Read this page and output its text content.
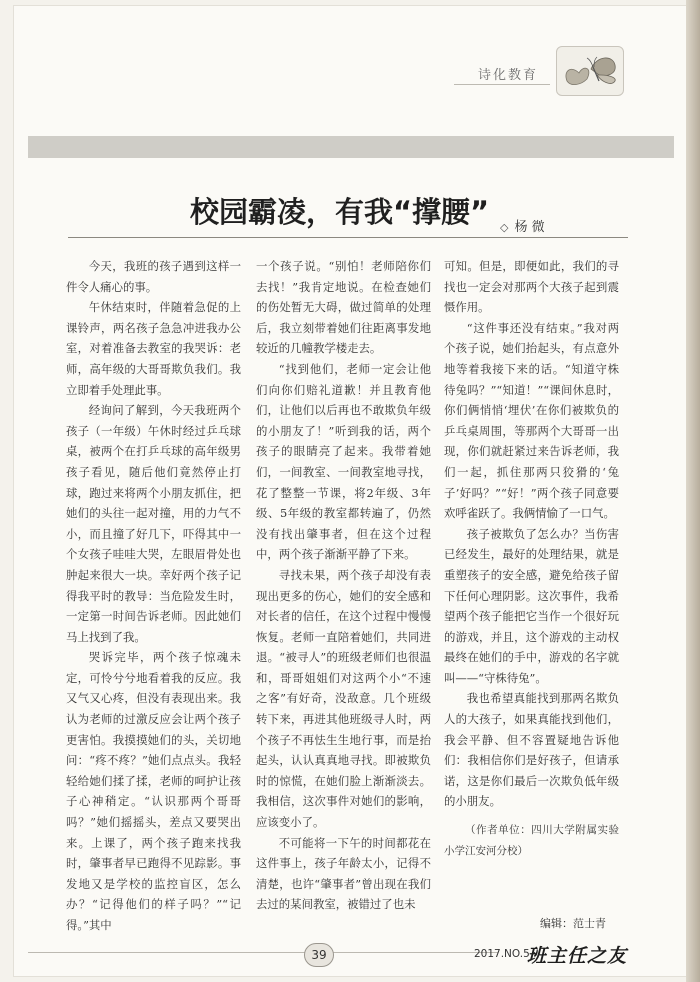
诗化教育
校园霸凌，有我“撑腰” ◇ 杨 微

今天，我班的孩子遇到这样一件令人痛心的事。

午休结束时，伴随着急促的上课铃声，两名孩子急急冲进我办公室，对着准备去教室的我哭诉：老师，高年级的大哥哥欺负我们。我立即着手处理此事。

经询问了解到，今天我班两个孩子（一年级）午休时经过乒乓球桌，被两个在打乒乓球的高年级男孩子看见，随后他们竟然停止打球，跑过来将两个小朋友抓住，把她们的头往一起对撞，用的力气不小，而且撞了好几下，吓得其中一个女孩子哇哇大哭，左眼眉骨处也肿起来很大一块。幸好两个孩子记得我平时的教导：当危险发生时，一定第一时间告诉老师。因此她们马上找到了我。

哭诉完毕，两个孩子惊魂未定，可怜兮兮地看着我的反应。我又气又心疼，但没有表现出来。我认为老师的过激反应会让两个孩子更害怕。我摸摸她们的头，关切地问：“疼不疼？”她们点点头。我轻轻给她们揉了揉，老师的呵护让孩子心神稍定。“认识那两个哥哥吗？”她们摇摇头，差点又要哭出来。上课了，两个孩子跑来找我时，肇事者早已跑得不见踪影。事发地又是学校的监控盲区，怎么办？“记得他们的样子吗？”“记得。”其中

一个孩子说。“别怕！老师陪你们去找！”我肯定地说。在检查她们的伤处暂无大碍，做过简单的处理后，我立刻带着她们往距离事发地较近的几幢教学楼走去。

“找到他们，老师一定会让他们向你们赔礼道歉！并且教育他们，让他们以后再也不敢欺负年级的小朋友了！”听到我的话，两个孩子的眼睛亮了起来。我带着她们，一间教室、一间教室地寻找，花了整整一节课，将2年级、3年级、5年级的教室都转遍了，仍然没有找出肇事者，但在这个过程中，两个孩子渐渐平静了下来。

寻找未果，两个孩子却没有表现出更多的伤心，她们的安全感和对长者的信任，在这个过程中慢慢恢复。老师一直陪着她们，共同进退。“被寻人”的班级老师们也很温和，哥哥姐姐们对这两个小“不速之客”有好奇，没敌意。几个班级转下来，再进其他班级寻人时，两个孩子不再怯生生地行事，而是抬起头，认认真真地寻找。即被欺负时的惊慌，在她们脸上渐渐淡去。我相信，这次事件对她们的影响，应该变小了。

不可能将一下午的时间都花在这件事上，孩子年龄太小，记得不清楚，也许“肇事者”曾出现在我们去过的某间教室，被错过了也未

可知。但是，即便如此，我们的寻找也一定会对那两个大孩子起到震慑作用。

“这件事还没有结束。”我对两个孩子说，她们抬起头，有点意外地等着我接下来的话。“知道守株待兔吗？”“知道！”“课间休息时，你们俩悄悄‘埋伏’在你们被欺负的乒乓桌周围，等那两个大哥哥一出现，你们就赶紧过来告诉老师，我们一起，抓住那两只狡猾的‘兔子’好吗？”“好！”两个孩子同意要欢呼雀跃了。我俩情愉了一口气。

孩子被欺负了怎么办？当伤害已经发生，最好的处理结果，就是重塑孩子的安全感，避免给孩子留下任何心理阴影。这次事件，我希望两个孩子能把它当作一个很好玩的游戏，并且，这个游戏的主动权最终在她们的手中，游戏的名字就叫——“守株待兔”。

我也希望真能找到那两名欺负人的大孩子，如果真能找到他们，我会平静、但不容置疑地告诉他们：我相信你们是好孩子，但请承诺，这是你们最后一次欺负低年级的小朋友。

（作者单位：四川大学附属实验小学江安河分校）

编辑：范士青
39	2017.NO.5
班主任之友
